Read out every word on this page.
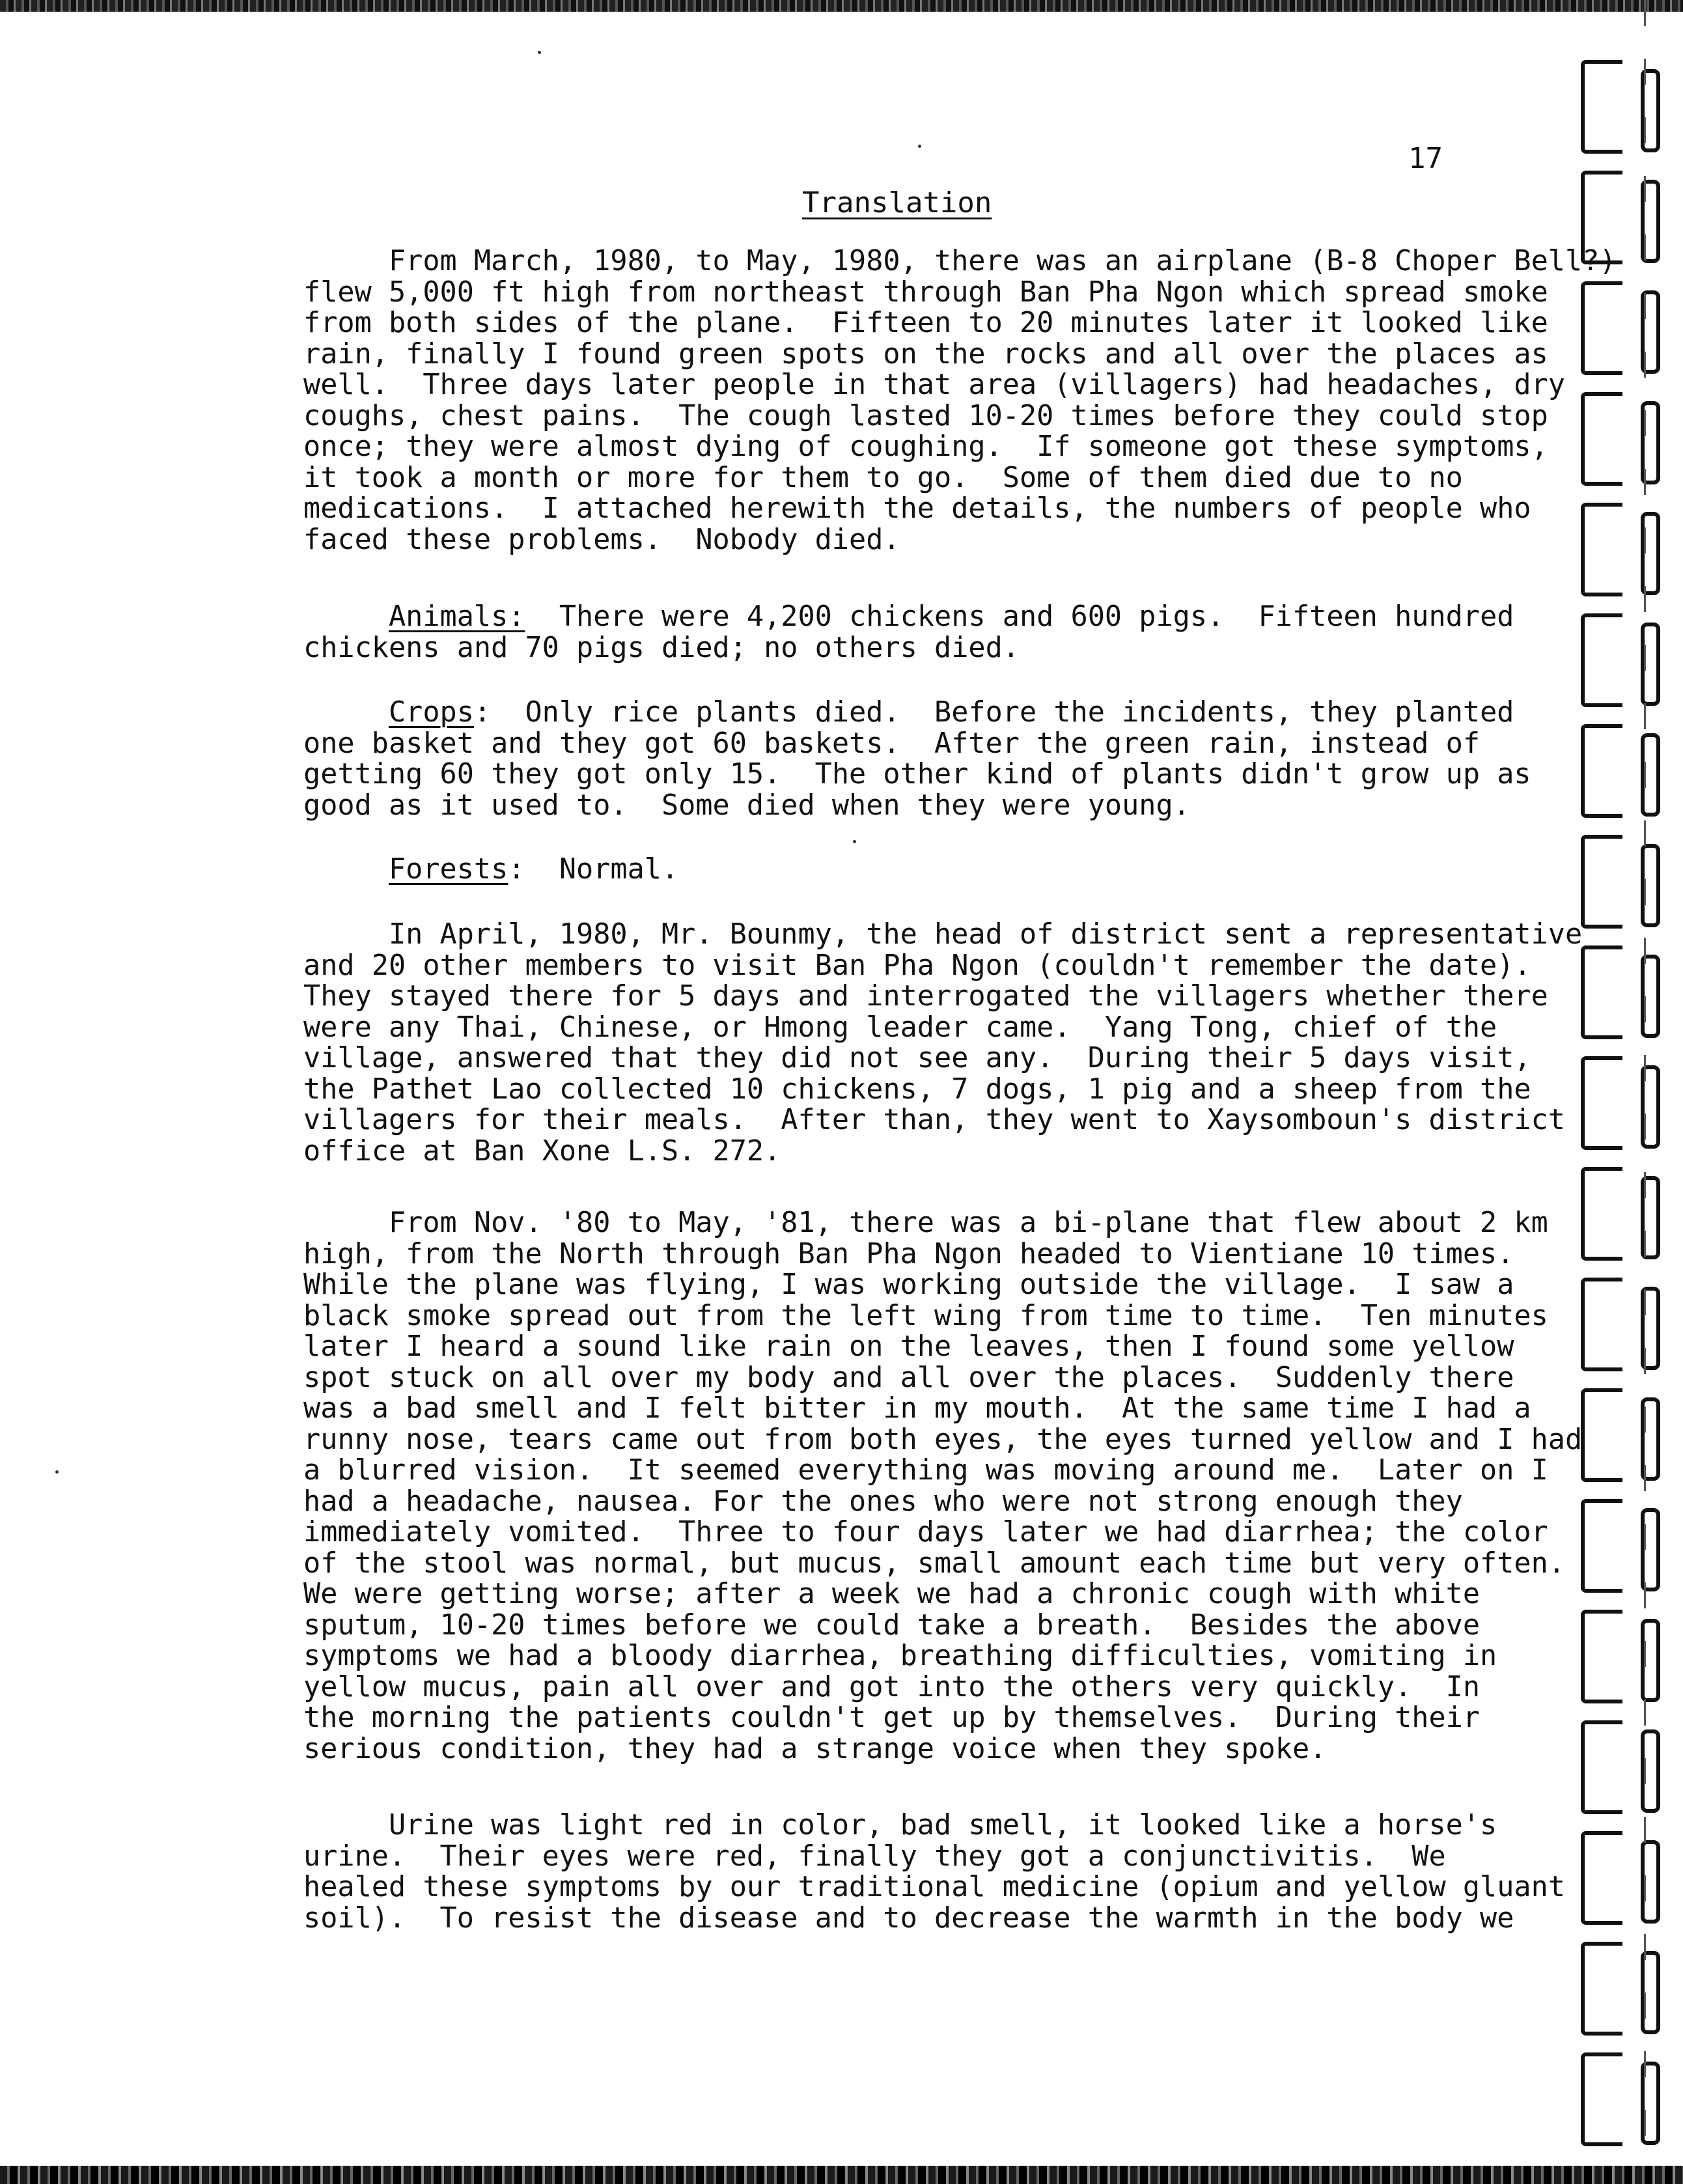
17
Translation
From March, 1980, to May, 1980, there was an airplane (B-8 Choper Bell?)
flew 5,000 ft high from northeast through Ban Pha Ngon which spread smoke
from both sides of the plane.  Fifteen to 20 minutes later it looked like
rain, finally I found green spots on the rocks and all over the places as
well.  Three days later people in that area (villagers) had headaches, dry
coughs, chest pains.  The cough lasted 10-20 times before they could stop
once; they were almost dying of coughing.  If someone got these symptoms,
it took a month or more for them to go.  Some of them died due to no
medications.  I attached herewith the details, the numbers of people who
faced these problems.  Nobody died.
Animals:  There were 4,200 chickens and 600 pigs.  Fifteen hundred
chickens and 70 pigs died; no others died.
Crops:  Only rice plants died.  Before the incidents, they planted
one basket and they got 60 baskets.  After the green rain, instead of
getting 60 they got only 15.  The other kind of plants didn't grow up as
good as it used to.  Some died when they were young.
Forests:  Normal.
In April, 1980, Mr. Bounmy, the head of district sent a representative
and 20 other members to visit Ban Pha Ngon (couldn't remember the date).
They stayed there for 5 days and interrogated the villagers whether there
were any Thai, Chinese, or Hmong leader came.  Yang Tong, chief of the
village, answered that they did not see any.  During their 5 days visit,
the Pathet Lao collected 10 chickens, 7 dogs, 1 pig and a sheep from the
villagers for their meals.  After than, they went to Xaysomboun's district
office at Ban Xone L.S. 272.
From Nov. '80 to May, '81, there was a bi-plane that flew about 2 km
high, from the North through Ban Pha Ngon headed to Vientiane 10 times.
While the plane was flying, I was working outside the village.  I saw a
black smoke spread out from the left wing from time to time.  Ten minutes
later I heard a sound like rain on the leaves, then I found some yellow
spot stuck on all over my body and all over the places.  Suddenly there
was a bad smell and I felt bitter in my mouth.  At the same time I had a
runny nose, tears came out from both eyes, the eyes turned yellow and I had
a blurred vision.  It seemed everything was moving around me.  Later on I
had a headache, nausea. For the ones who were not strong enough they
immediately vomited.  Three to four days later we had diarrhea; the color
of the stool was normal, but mucus, small amount each time but very often.
We were getting worse; after a week we had a chronic cough with white
sputum, 10-20 times before we could take a breath.  Besides the above
symptoms we had a bloody diarrhea, breathing difficulties, vomiting in
yellow mucus, pain all over and got into the others very quickly.  In
the morning the patients couldn't get up by themselves.  During their
serious condition, they had a strange voice when they spoke.
Urine was light red in color, bad smell, it looked like a horse's
urine.  Their eyes were red, finally they got a conjunctivitis.  We
healed these symptoms by our traditional medicine (opium and yellow gluant
soil).  To resist the disease and to decrease the warmth in the body we
